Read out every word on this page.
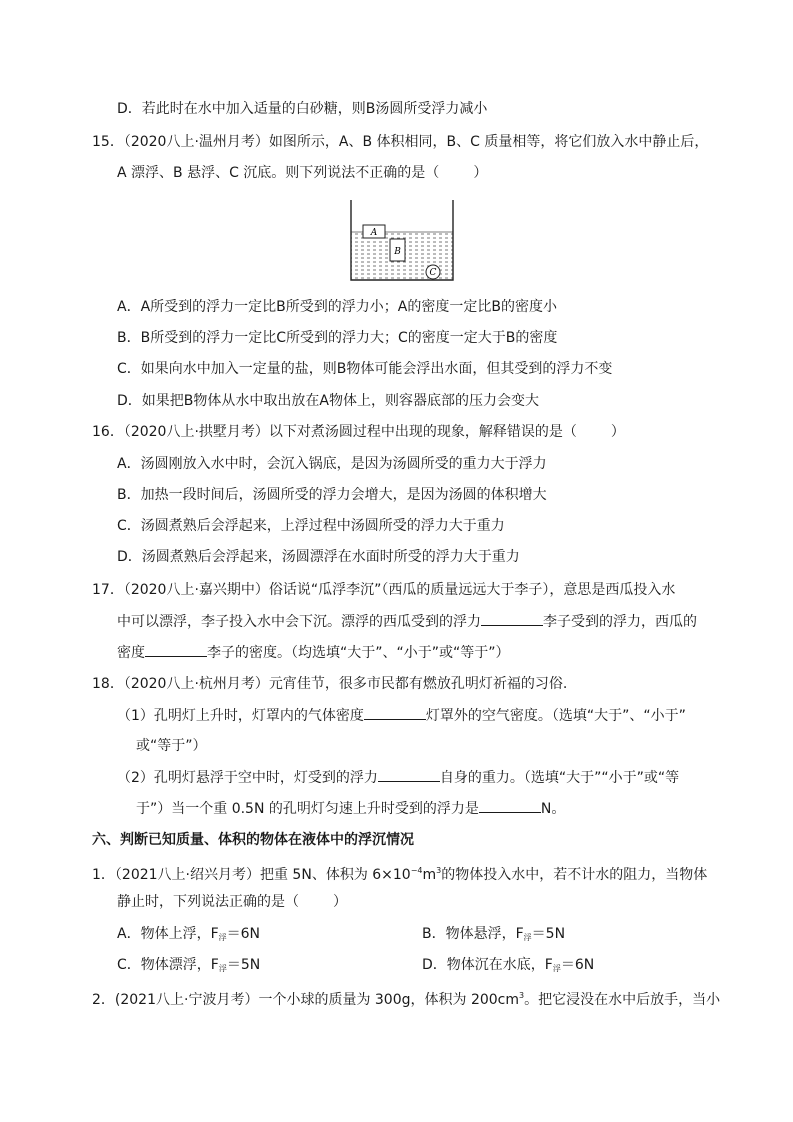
D．若此时在水中加入适量的白砂糖，则B汤圆所受浮力减小
15．（2020八上·温州月考）如图所示，A、B 体积相同，B、C 质量相等，将它们放入水中静止后，
A 漂浮、B 悬浮、C 沉底。则下列说法不正确的是（ ）
A
B
C
A．A所受到的浮力一定比B所受到的浮力小；A的密度一定比B的密度小
B．B所受到的浮力一定比C所受到的浮力大；C的密度一定大于B的密度
C．如果向水中加入一定量的盐，则B物体可能会浮出水面，但其受到的浮力不变
D．如果把B物体从水中取出放在A物体上，则容器底部的压力会变大
16．（2020八上·拱墅月考）以下对煮汤圆过程中出现的现象，解释错误的是（ ）
A．汤圆刚放入水中时，会沉入锅底，是因为汤圆所受的重力大于浮力
B．加热一段时间后，汤圆所受的浮力会增大，是因为汤圆的体积增大
C．汤圆煮熟后会浮起来，上浮过程中汤圆所受的浮力大于重力
D．汤圆煮熟后会浮起来，汤圆漂浮在水面时所受的浮力大于重力
17．（2020八上·嘉兴期中）俗话说“瓜浮李沉”（西瓜的质量远远大于李子），意思是西瓜投入水
中可以漂浮，李子投入水中会下沉。漂浮的西瓜受到的浮力	李子受到的浮力，西瓜的
密度	李子的密度。（均选填“大于”、“小于”或“等于”）
18．（2020八上·杭州月考）元宵佳节，很多市民都有燃放孔明灯祈福的习俗.
（1）孔明灯上升时，灯罩内的气体密度	灯罩外的空气密度。（选填“大于”、“小于”
或“等于”）
（2）孔明灯悬浮于空中时，灯受到的浮力	自身的重力。（选填“大于”“小于”或“等
于”）当一个重 0.5N 的孔明灯匀速上升时受到的浮力是	N。
六、判断已知质量、体积的物体在液体中的浮沉情况
1．（2021八上·绍兴月考）把重 5N、体积为 $6\times 10^{-4}m^3$的物体投入水中，若不计水的阻力，当物体
静止时，下列说法正确的是（ ）
A．物体上浮，$F_浮=6N$	B．物体悬浮，$F_浮=5N$
C．物体漂浮，$F_浮=5N$	D．物体沉在水底，$F_浮=6N$
2．(2021八上·宁波月考）一个小球的质量为 300g，体积为 $200cm^3$。把它浸没在水中后放手，当小
